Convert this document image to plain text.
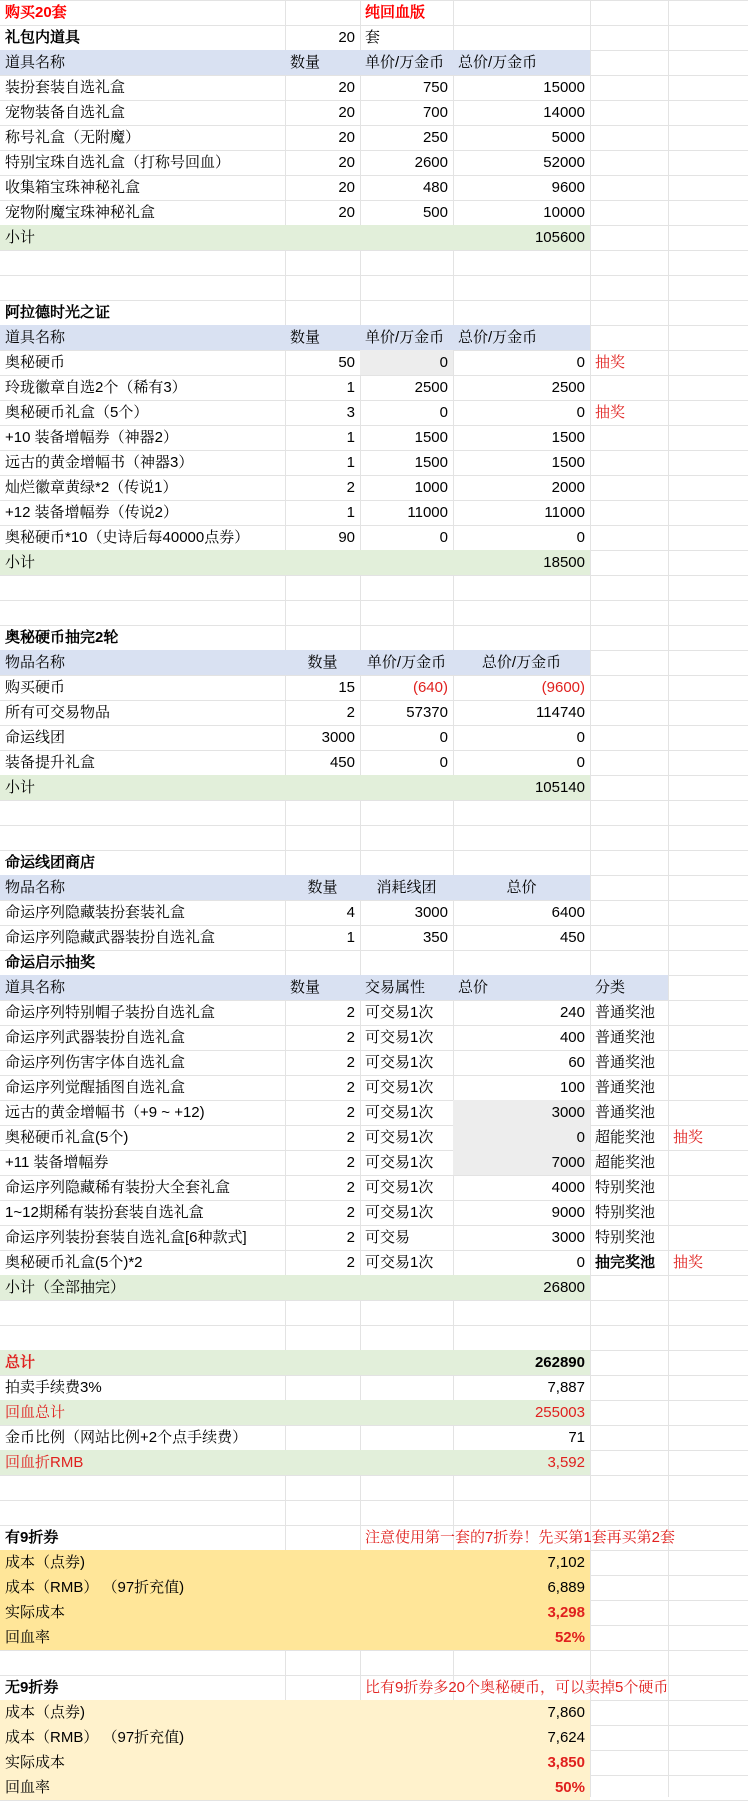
购买20套	纯回血版
礼包内道具	20 套
道具名称	数量	单价/万金币 总价/万金币
装扮套装自选礼盒	20	750	15000
宠物装备自选礼盒	20	700	14000
称号礼盒（无附魔）	20	250	5000
特别宝珠自选礼盒（打称号回血）	20	2600	52000
收集箱宝珠神秘礼盒	20	480	9600
宠物附魔宝珠神秘礼盒	20	500	10000
小计	105600
阿拉德时光之证
道具名称	数量	单价/万金币 总价/万金币
奥秘硬币	50	0	0 抽奖
玲珑徽章自选2个（稀有3）	1	2500	2500
奥秘硬币礼盒（5个）	3	0	0 抽奖
+10 装备增幅券（神器2）	1	1500	1500
远古的黄金增幅书（神器3）	1	1500	1500
灿烂徽章黄绿*2（传说1）	2	1000	2000
+12 装备增幅券（传说2）	1	11000	11000
奥秘硬币*10（史诗后每40000点券）	90	0	0
小计	18500
奥秘硬币抽完2轮
物品名称	数量	单价/万金币	总价/万金币
购买硬币	15	(640)	(9600)
所有可交易物品	2	57370	114740
命运线团	3000	0	0
装备提升礼盒	450	0	0
小计	105140
命运线团商店
物品名称	数量	消耗线团	总价
命运序列隐藏装扮套装礼盒	4	3000	6400
命运序列隐藏武器装扮自选礼盒	1	350	450
命运启示抽奖
道具名称	数量	交易属性	总价	分类
命运序列特别帽子装扮自选礼盒	2 可交易1次	240 普通奖池
命运序列武器装扮自选礼盒	2 可交易1次	400 普通奖池
命运序列伤害字体自选礼盒	2 可交易1次	60 普通奖池
命运序列觉醒插图自选礼盒	2 可交易1次	100 普通奖池
远古的黄金增幅书（+9 ~ +12)	2 可交易1次	3000 普通奖池
奥秘硬币礼盒(5个)	2 可交易1次	0 超能奖池	抽奖
+11 装备增幅券	2 可交易1次	7000 超能奖池
命运序列隐藏稀有装扮大全套礼盒	2 可交易1次	4000 特别奖池
1~12期稀有装扮套装自选礼盒	2 可交易1次	9000 特别奖池
命运序列装扮套装自选礼盒[6种款式]	2 可交易	3000 特别奖池
奥秘硬币礼盒(5个)*2	2 可交易1次	0 抽完奖池	抽奖
小计（全部抽完）	26800
总计	262890
拍卖手续费3%	7,887
回血总计	255003
金币比例（网站比例+2个点手续费）	71
回血折RMB	3,592
有9折券	注意使用第一套的7折券！先买第1套再买第2套
成本（点券)	7,102
成本（RMB） （97折充值)	6,889
实际成本	3,298
回血率	52%
无9折券	比有9折券多20个奥秘硬币，可以卖掉5个硬币
成本（点券)	7,860
成本（RMB） （97折充值)	7,624
实际成本	3,850
回血率	50%
